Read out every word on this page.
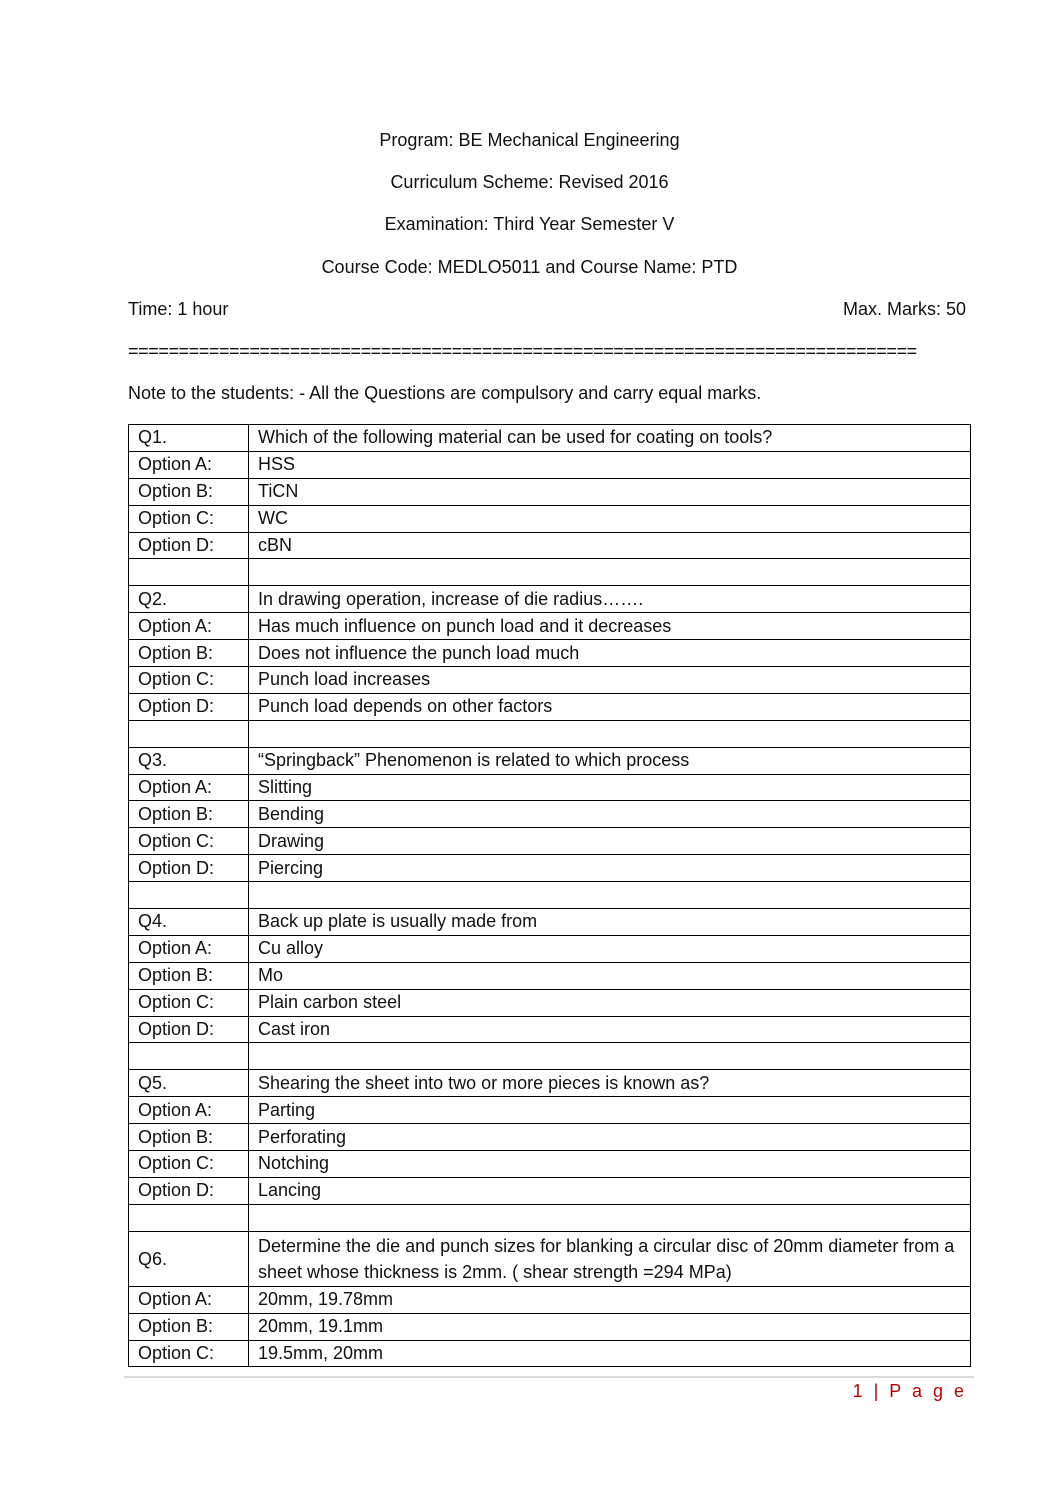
Program: BE Mechanical Engineering
Curriculum Scheme: Revised 2016
Examination: Third Year Semester V
Course Code: MEDLO5011 and Course Name: PTD
Time: 1 hour	Max. Marks: 50
==============================================================================
Note to the students: - All the Questions are compulsory and carry equal marks.
Q1.	Which of the following material can be used for coating on tools?
Option A:	HSS
Option B:	TiCN
Option C:	WC
Option D:	cBN

Q2.	In drawing operation, increase of die radius…….
Option A:	Has much influence on punch load and it decreases
Option B:	Does not influence the punch load much
Option C:	Punch load increases
Option D:	Punch load depends on other factors

Q3.	“Springback” Phenomenon is related to which process
Option A:	Slitting
Option B:	Bending
Option C:	Drawing
Option D:	Piercing

Q4.	Back up plate is usually made from
Option A:	Cu alloy
Option B:	Mo
Option C:	Plain carbon steel
Option D:	Cast iron

Q5.	Shearing the sheet into two or more pieces is known as?
Option A:	Parting
Option B:	Perforating
Option C:	Notching
Option D:	Lancing

Q6.	Determine the die and punch sizes for blanking a circular disc of 20mm diameter from a sheet whose thickness is 2mm. ( shear strength =294 MPa)
Option A:	20mm, 19.78mm
Option B:	20mm, 19.1mm
Option C:	19.5mm, 20mm
1 | P a g e
